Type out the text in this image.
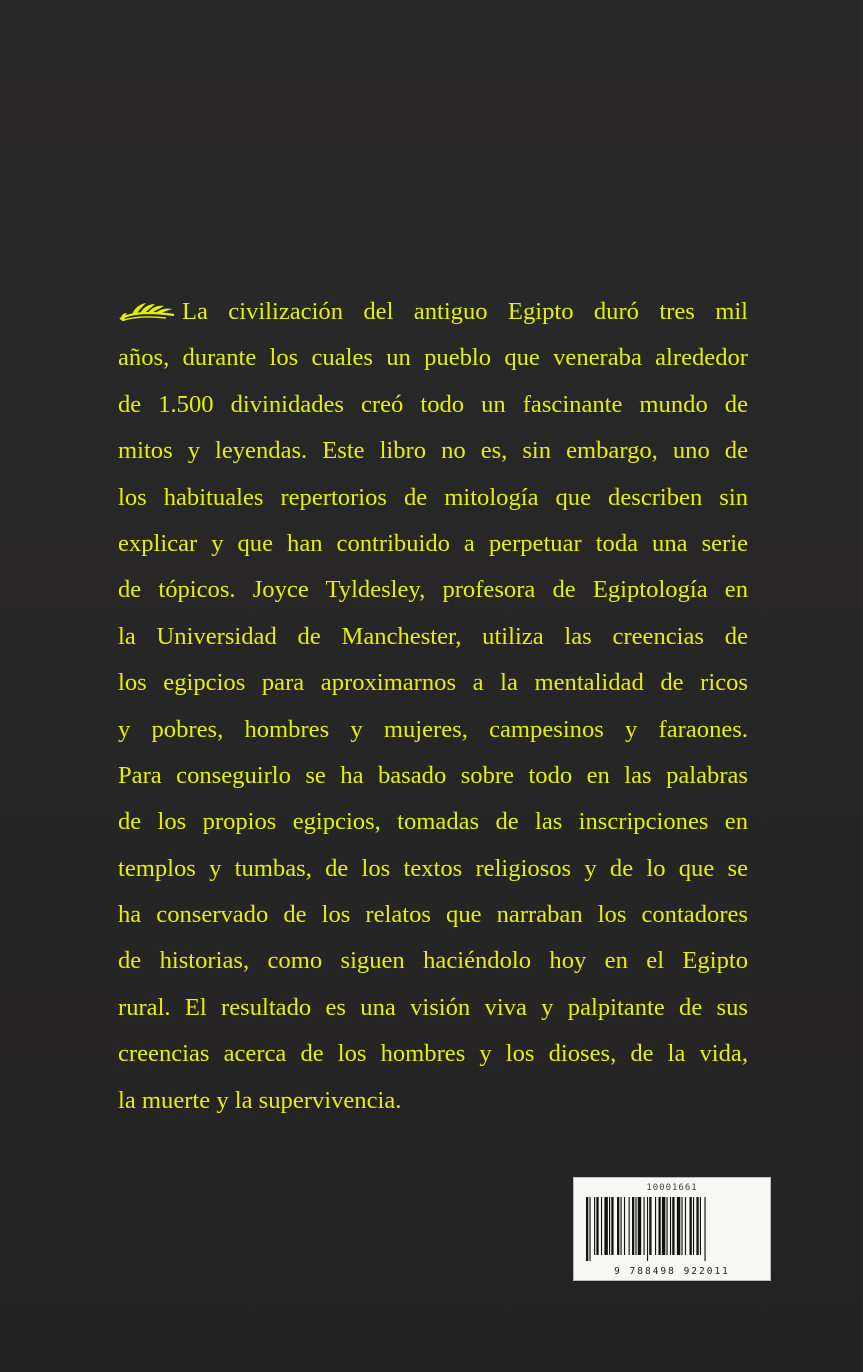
La civilización del antiguo Egipto duró tres mil
años, durante los cuales un pueblo que veneraba alrededor
de 1.500 divinidades creó todo un fascinante mundo de
mitos y leyendas. Este libro no es, sin embargo, uno de
los habituales repertorios de mitología que describen sin
explicar y que han contribuido a perpetuar toda una serie
de tópicos. Joyce Tyldesley, profesora de Egiptología en
la Universidad de Manchester, utiliza las creencias de
los egipcios para aproximarnos a la mentalidad de ricos
y pobres, hombres y mujeres, campesinos y faraones.
Para conseguirlo se ha basado sobre todo en las palabras
de los propios egipcios, tomadas de las inscripciones en
templos y tumbas, de los textos religiosos y de lo que se
ha conservado de los relatos que narraban los contadores
de historias, como siguen haciéndolo hoy en el Egipto
rural. El resultado es una visión viva y palpitante de sus
creencias acerca de los hombres y los dioses, de la vida,
la muerte y la supervivencia.
10001661
9 788498 922011
